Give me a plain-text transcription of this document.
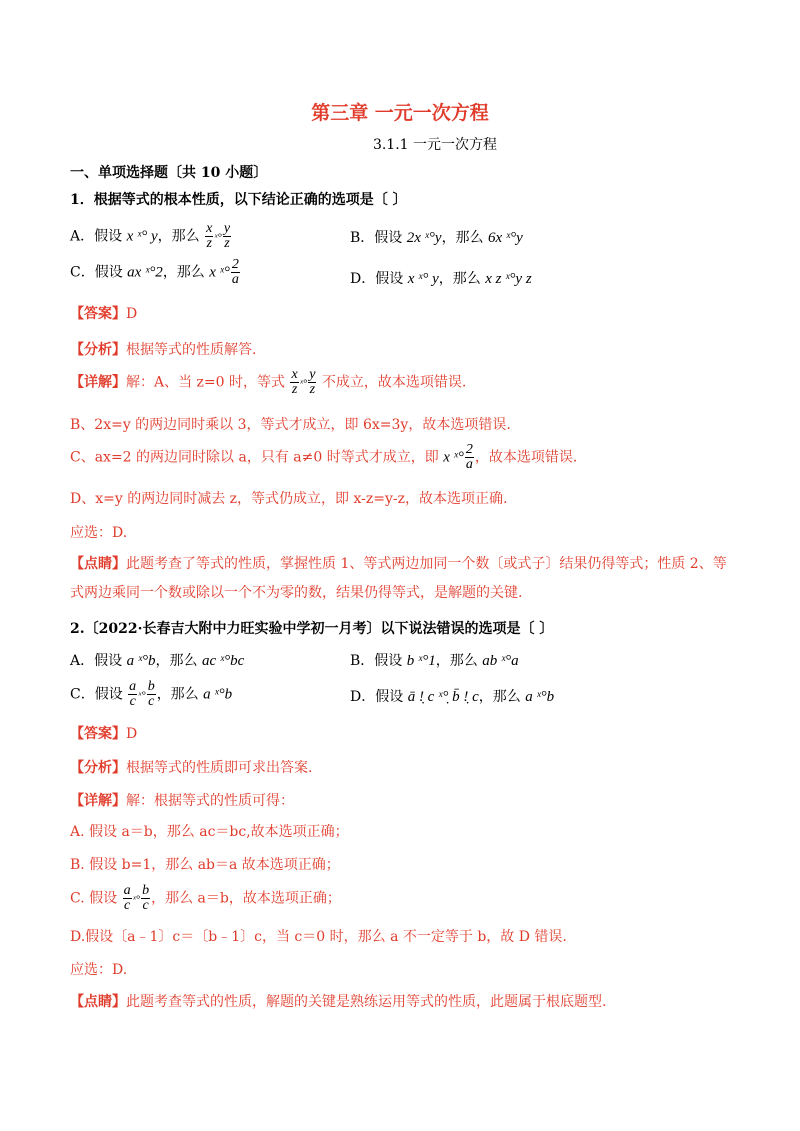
第三章 一元一次方程
3.1.1 一元一次方程
一、单项选择题〔共 10 小题〕
1．根据等式的根本性质，以下结论正确的选项是〔 〕
A．假设 x ˣ° y，那么 $\frac{x}{z}$ ˣ° $\frac{y}{z}$	B．假设 2x ˣ°y，那么 6x ˣ°y
C．假设 ax ˣ°2，那么 x ˣ° $\frac{2}{a}$	D．假设 x ˣ° y，那么 x z ˣ°y z
【答案】D
【分析】根据等式的性质解答.
【详解】解：A、当 z=0 时，等式 $\frac{x}{z}$ ˣ° $\frac{y}{z}$ 不成立，故本选项错误.
B、2x=y 的两边同时乘以 3，等式才成立，即 6x=3y，故本选项错误.
C、ax=2 的两边同时除以 a，只有 a≠0 时等式才成立，即 x ˣ° $\frac{2}{a}$ ，故本选项错误.
D、x=y 的两边同时减去 z，等式仍成立，即 x-z=y-z，故本选项正确.
应选：D.
【点睛】此题考查了等式的性质，掌握性质 1、等式两边加同一个数〔或式子〕结果仍得等式；性质 2、等
式两边乘同一个数或除以一个不为零的数，结果仍得等式，是解题的关键.
2.〔2022·长春吉大附中力旺实验中学初一月考〕以下说法错误的选项是〔 〕
A．假设 a ˣ°b，那么 ac ˣ°bc	B．假设 b ˣ°1，那么 ab ˣ°a
C．假设 $\frac{a}{c}$ ˣ° $\frac{b}{c}$ ，那么 a ˣ°b	D．假设 ā !̣ c ˣ°̣ b̄ !̣ c，那么 a ˣ°b
【答案】D
【分析】根据等式的性质即可求出答案.
【详解】解：根据等式的性质可得：
A. 假设 a＝b，那么 ac＝bc,故本选项正确；
B. 假设 b=1，那么 ab＝a 故本选项正确；
C. 假设 $\frac{a}{c}$ ˣ° $\frac{b}{c}$ ，那么 a＝b，故本选项正确；
D.假设〔a﹣1〕c＝〔b﹣1〕c，当 c＝0 时，那么 a 不一定等于 b，故 D 错误.
应选：D.
【点睛】此题考查等式的性质，解题的关键是熟练运用等式的性质，此题属于根底题型.
